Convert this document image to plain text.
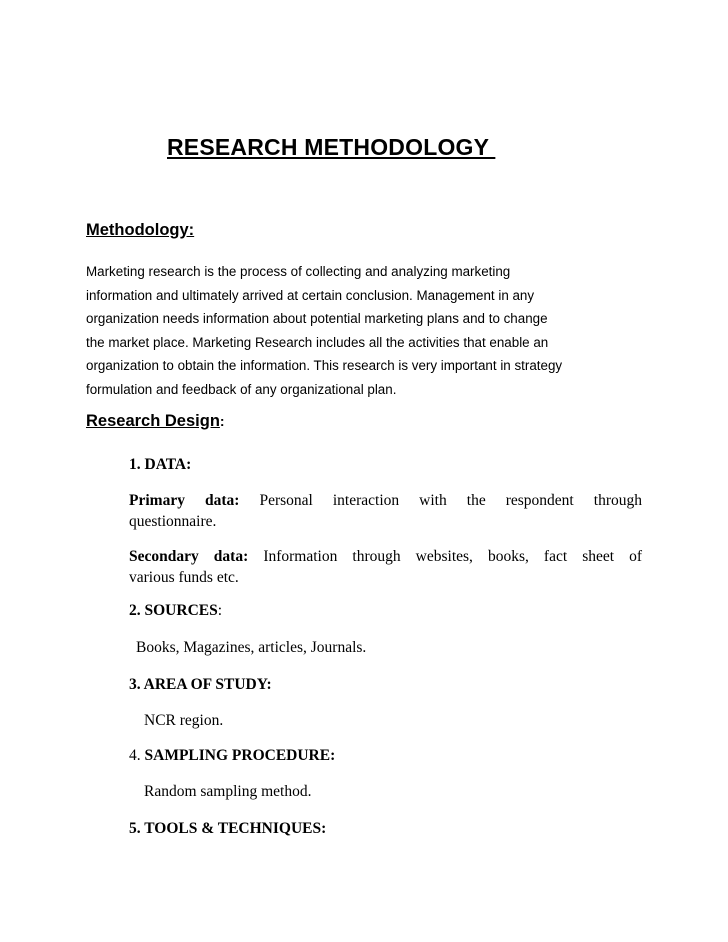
RESEARCH METHODOLOGY
Methodology:

Marketing research is the process of collecting and analyzing marketing
information and ultimately arrived at certain conclusion. Management in any
organization needs information about potential marketing plans and to change
the market place. Marketing Research includes all the activities that enable an
organization to obtain the information. This research is very important in strategy
formulation and feedback of any organizational plan.

Research Design:

1. DATA:

Primary data: Personal interaction with the respondent through
questionnaire.
Secondary data: Information through websites, books, fact sheet of
various funds etc.

2. SOURCES:

Books, Magazines, articles, Journals.

3. AREA OF STUDY:

NCR region.

4. SAMPLING PROCEDURE:

Random sampling method.

5. TOOLS & TECHNIQUES:
